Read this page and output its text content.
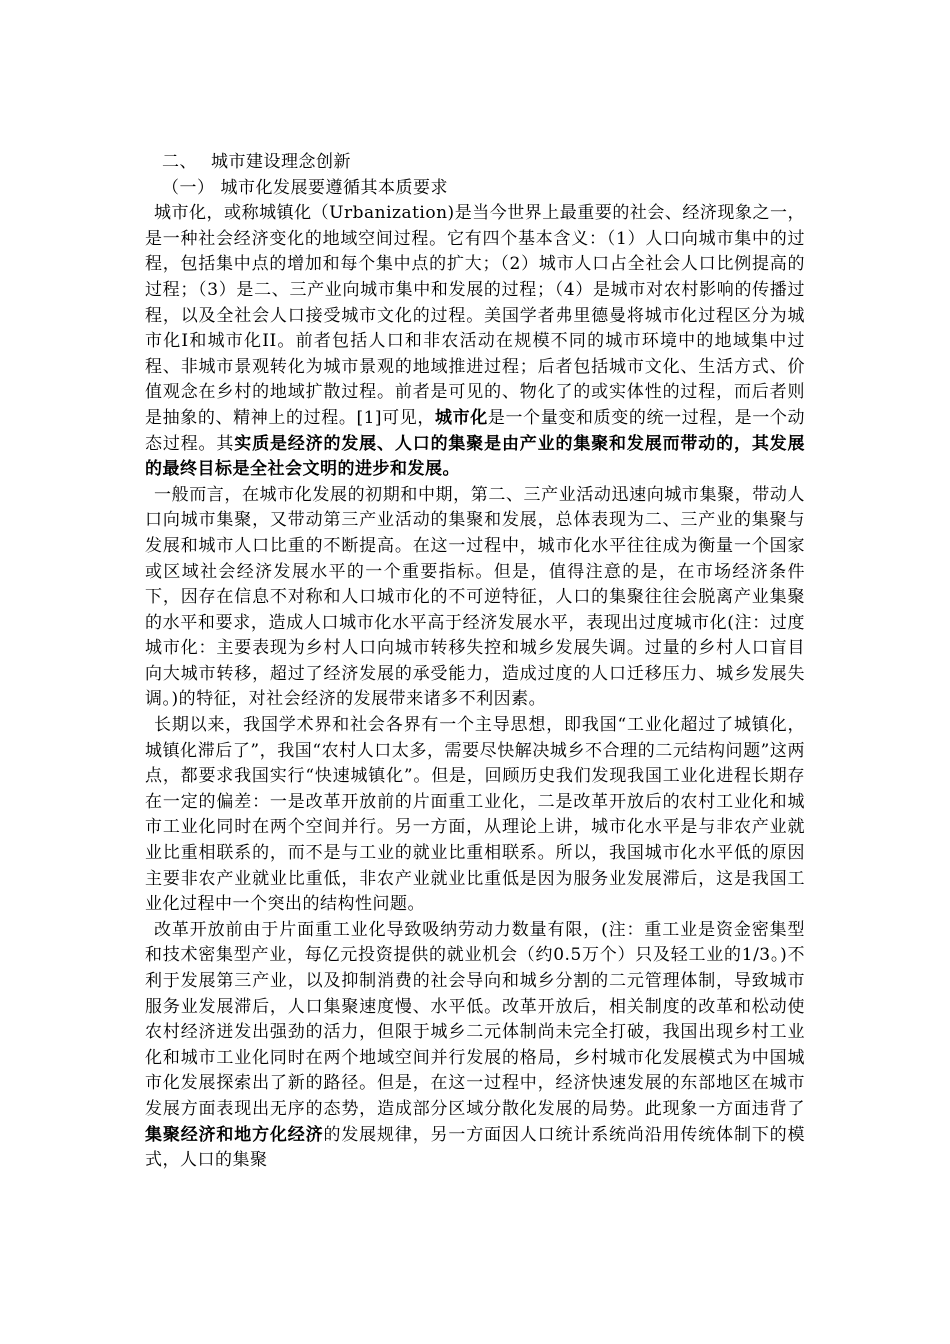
二、 城市建设理念创新

（一） 城市化发展要遵循其本质要求

城市化，或称城镇化（Urbanization)是当今世界上最重要的社会、经济现象之一，是一种社会经济变化的地域空间过程。它有四个基本含义：（1）人口向城市集中的过程，包括集中点的增加和每个集中点的扩大；（2）城市人口占全社会人口比例提高的过程；（3）是二、三产业向城市集中和发展的过程；（4）是城市对农村影响的传播过程，以及全社会人口接受城市文化的过程。美国学者弗里德曼将城市化过程区分为城市化Ⅰ和城市化II。前者包括人口和非农活动在规模不同的城市环境中的地域集中过程、非城市景观转化为城市景观的地域推进过程；后者包括城市文化、生活方式、价值观念在乡村的地域扩散过程。前者是可见的、物化了的或实体性的过程，而后者则是抽象的、精神上的过程。[1]可见，城市化是一个量变和质变的统一过程，是一个动态过程。其实质是经济的发展、人口的集聚是由产业的集聚和发展而带动的，其发展的最终目标是全社会文明的进步和发展。

一般而言，在城市化发展的初期和中期，第二、三产业活动迅速向城市集聚，带动人口向城市集聚，又带动第三产业活动的集聚和发展，总体表现为二、三产业的集聚与发展和城市人口比重的不断提高。在这一过程中，城市化水平往往成为衡量一个国家或区域社会经济发展水平的一个重要指标。但是，值得注意的是，在市场经济条件下，因存在信息不对称和人口城市化的不可逆特征，人口的集聚往往会脱离产业集聚的水平和要求，造成人口城市化水平高于经济发展水平，表现出过度城市化(注：过度城市化：主要表现为乡村人口向城市转移失控和城乡发展失调。过量的乡村人口盲目向大城市转移，超过了经济发展的承受能力，造成过度的人口迁移压力、城乡发展失调。)的特征，对社会经济的发展带来诸多不利因素。

长期以来，我国学术界和社会各界有一个主导思想，即我国“工业化超过了城镇化，城镇化滞后了”，我国“农村人口太多，需要尽快解决城乡不合理的二元结构问题”这两点，都要求我国实行“快速城镇化”。但是，回顾历史我们发现我国工业化进程长期存在一定的偏差：一是改革开放前的片面重工业化，二是改革开放后的农村工业化和城市工业化同时在两个空间并行。另一方面，从理论上讲，城市化水平是与非农产业就业比重相联系的，而不是与工业的就业比重相联系。所以，我国城市化水平低的原因主要非农产业就业比重低，非农产业就业比重低是因为服务业发展滞后，这是我国工业化过程中一个突出的结构性问题。

改革开放前由于片面重工业化导致吸纳劳动力数量有限，(注：重工业是资金密集型和技术密集型产业，每亿元投资提供的就业机会（约0.5万个）只及轻工业的1/3。)不利于发展第三产业，以及抑制消费的社会导向和城乡分割的二元管理体制，导致城市服务业发展滞后，人口集聚速度慢、水平低。改革开放后，相关制度的改革和松动使农村经济迸发出强劲的活力，但限于城乡二元体制尚未完全打破，我国出现乡村工业化和城市工业化同时在两个地域空间并行发展的格局，乡村城市化发展模式为中国城市化发展探索出了新的路径。但是，在这一过程中，经济快速发展的东部地区在城市发展方面表现出无序的态势，造成部分区域分散化发展的局势。此现象一方面违背了集聚经济和地方化经济的发展规律，另一方面因人口统计系统尚沿用传统体制下的模式，人口的集聚
